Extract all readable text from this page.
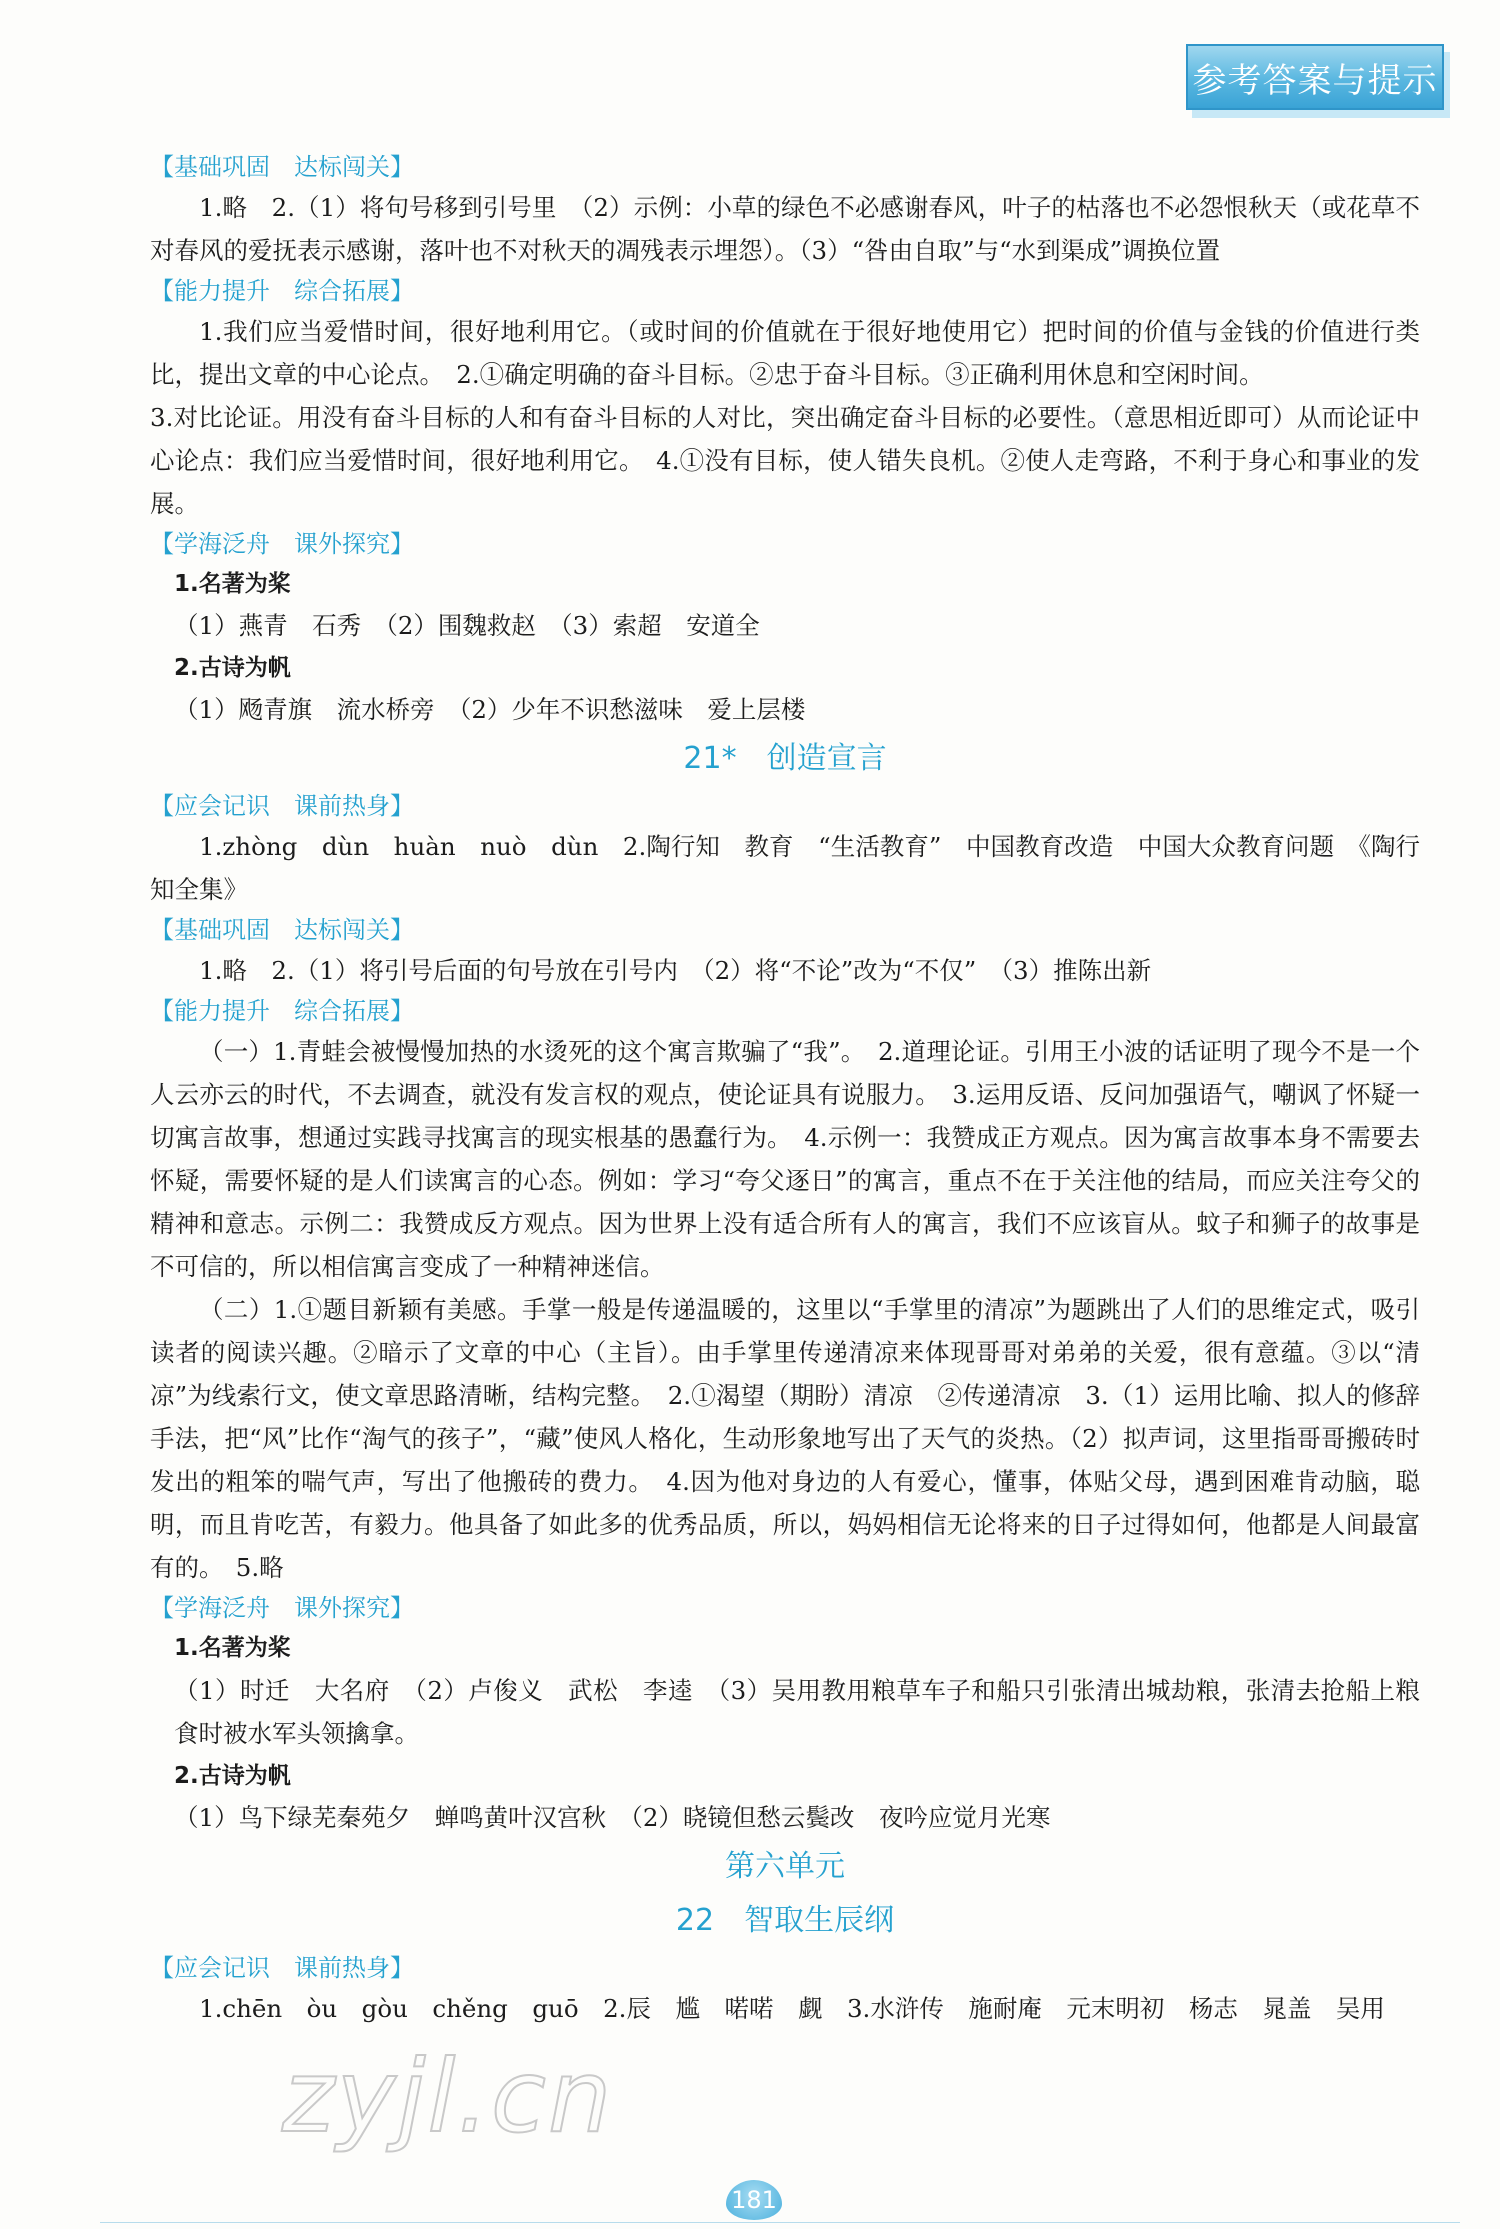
参考答案与提示

【基础巩固　达标闯关】

1.略　2.（1）将句号移到引号里　（2）示例：小草的绿色不必感谢春风，叶子的枯落也不必怨恨秋天（或花草不对春风的爱抚表示感谢，落叶也不对秋天的凋残表示埋怨）。（3）“咎由自取”与“水到渠成”调换位置

【能力提升　综合拓展】

1.我们应当爱惜时间，很好地利用它。（或时间的价值就在于很好地使用它）把时间的价值与金钱的价值进行类比，提出文章的中心论点。　2.①确定明确的奋斗目标。②忠于奋斗目标。③正确利用休息和空闲时间。

3.对比论证。用没有奋斗目标的人和有奋斗目标的人对比，突出确定奋斗目标的必要性。（意思相近即可）从而论证中心论点：我们应当爱惜时间，很好地利用它。　4.①没有目标，使人错失良机。②使人走弯路，不利于身心和事业的发展。

【学海泛舟　课外探究】

1.名著为桨

（1）燕青　石秀　（2）围魏救赵　（3）索超　安道全

2.古诗为帆

（1）飏青旗　流水桥旁　（2）少年不识愁滋味　爱上层楼

21*　创造宣言

【应会记识　课前热身】

1.zhòng　dùn　huàn　nuò　dùn　2.陶行知　教育　“生活教育”　中国教育改造　中国大众教育问题　《陶行知全集》

【基础巩固　达标闯关】

1.略　2.（1）将引号后面的句号放在引号内　（2）将“不论”改为“不仅”　（3）推陈出新

【能力提升　综合拓展】

（一）1.青蛙会被慢慢加热的水烫死的这个寓言欺骗了“我”。　2.道理论证。引用王小波的话证明了现今不是一个人云亦云的时代，不去调查，就没有发言权的观点，使论证具有说服力。　3.运用反语、反问加强语气，嘲讽了怀疑一切寓言故事，想通过实践寻找寓言的现实根基的愚蠢行为。　4.示例一：我赞成正方观点。因为寓言故事本身不需要去怀疑，需要怀疑的是人们读寓言的心态。例如：学习“夸父逐日”的寓言，重点不在于关注他的结局，而应关注夸父的精神和意志。示例二：我赞成反方观点。因为世界上没有适合所有人的寓言，我们不应该盲从。蚊子和狮子的故事是不可信的，所以相信寓言变成了一种精神迷信。

（二）1.①题目新颖有美感。手掌一般是传递温暖的，这里以“手掌里的清凉”为题跳出了人们的思维定式，吸引读者的阅读兴趣。②暗示了文章的中心（主旨）。由手掌里传递清凉来体现哥哥对弟弟的关爱，很有意蕴。③以“清凉”为线索行文，使文章思路清晰，结构完整。　2.①渴望（期盼）清凉　②传递清凉　3.（1）运用比喻、拟人的修辞手法，把“风”比作“淘气的孩子”，“藏”使风人格化，生动形象地写出了天气的炎热。（2）拟声词，这里指哥哥搬砖时发出的粗笨的喘气声，写出了他搬砖的费力。　4.因为他对身边的人有爱心，懂事，体贴父母，遇到困难肯动脑，聪明，而且肯吃苦，有毅力。他具备了如此多的优秀品质，所以，妈妈相信无论将来的日子过得如何，他都是人间最富有的。　5.略

【学海泛舟　课外探究】

1.名著为桨

（1）时迁　大名府　（2）卢俊义　武松　李逵　（3）吴用教用粮草车子和船只引张清出城劫粮，张清去抢船上粮食时被水军头领擒拿。

2.古诗为帆

（1）鸟下绿芜秦苑夕　蝉鸣黄叶汉宫秋　（2）晓镜但愁云鬓改　夜吟应觉月光寒

第六单元

22　智取生辰纲

【应会记识　课前热身】

1.chēn　òu　gòu　chěng　guō　2.辰　尴　喏喏　觑　3.水浒传　施耐庵　元末明初　杨志　晁盖　吴用

zyjl.cn
181
